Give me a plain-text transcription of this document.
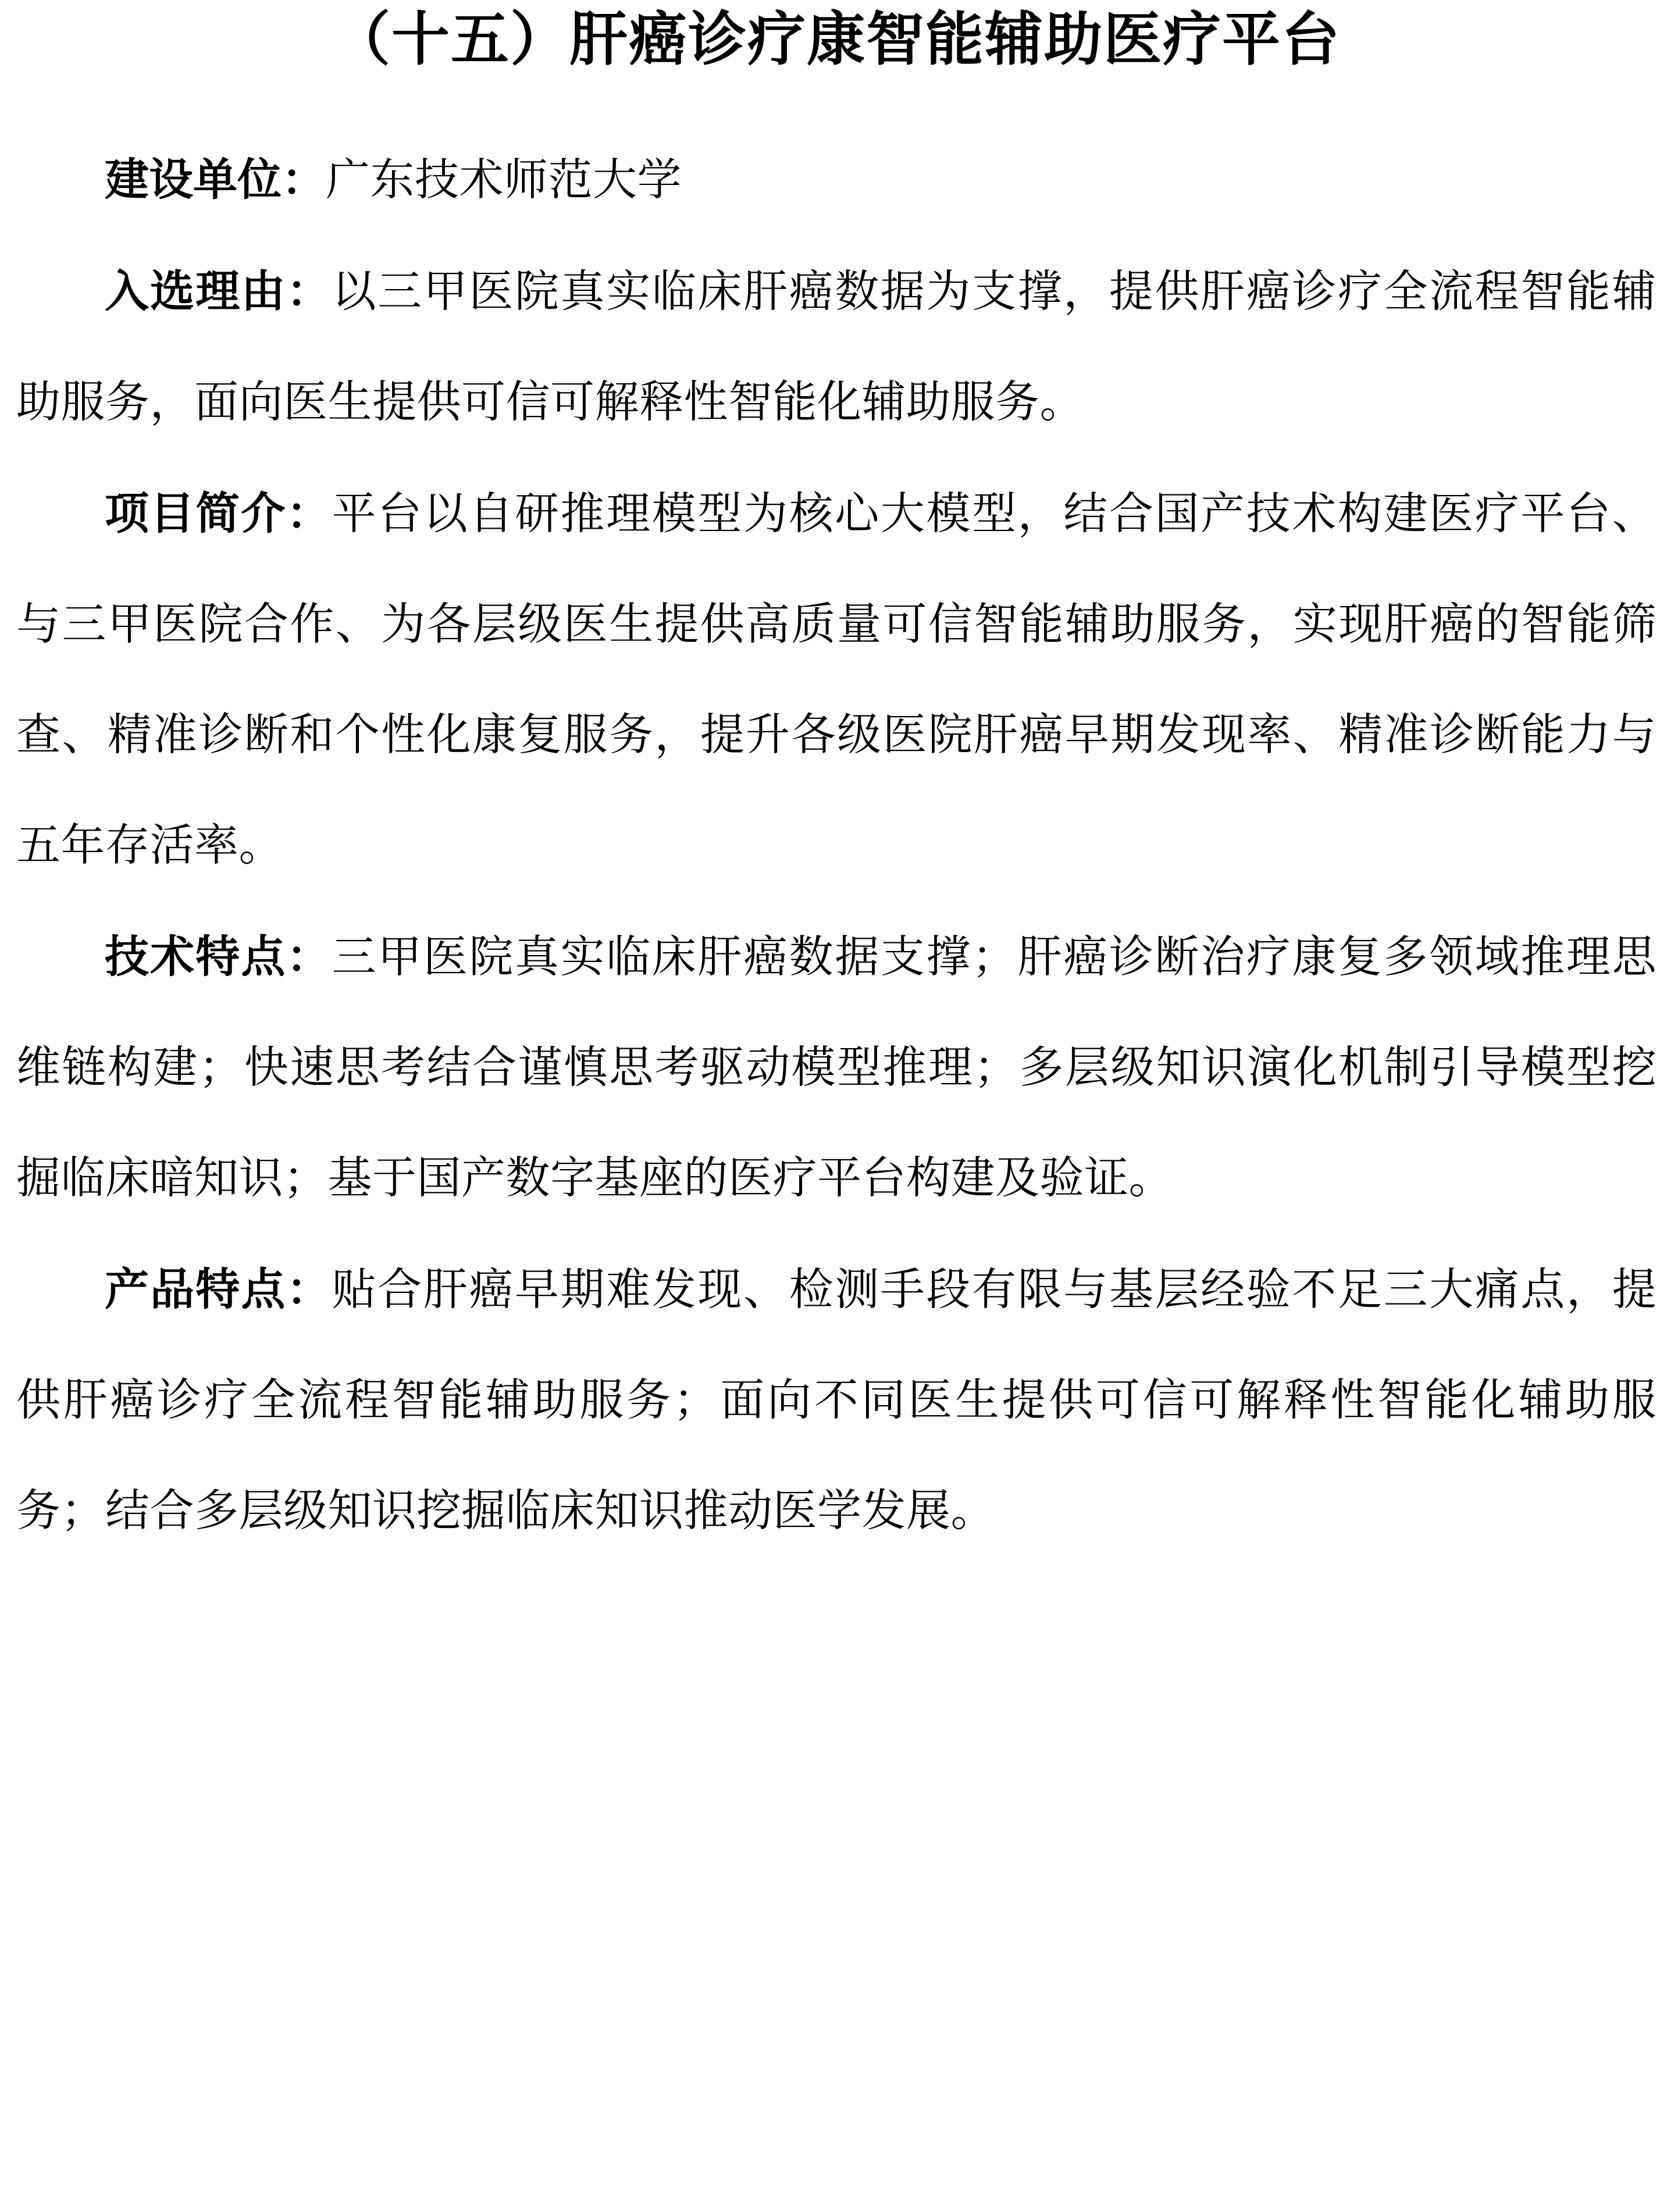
（十五）肝癌诊疗康智能辅助医疗平台

建设单位：广东技术师范大学

入选理由：以三甲医院真实临床肝癌数据为支撑，提供肝癌诊疗全流程智能辅助服务，面向医生提供可信可解释性智能化辅助服务。

项目简介：平台以自研推理模型为核心大模型，结合国产技术构建医疗平台、与三甲医院合作、为各层级医生提供高质量可信智能辅助服务，实现肝癌的智能筛查、精准诊断和个性化康复服务，提升各级医院肝癌早期发现率、精准诊断能力与五年存活率。

技术特点：三甲医院真实临床肝癌数据支撑；肝癌诊断治疗康复多领域推理思维链构建；快速思考结合谨慎思考驱动模型推理；多层级知识演化机制引导模型挖掘临床暗知识；基于国产数字基座的医疗平台构建及验证。

产品特点：贴合肝癌早期难发现、检测手段有限与基层经验不足三大痛点，提供肝癌诊疗全流程智能辅助服务；面向不同医生提供可信可解释性智能化辅助服务；结合多层级知识挖掘临床知识推动医学发展。
